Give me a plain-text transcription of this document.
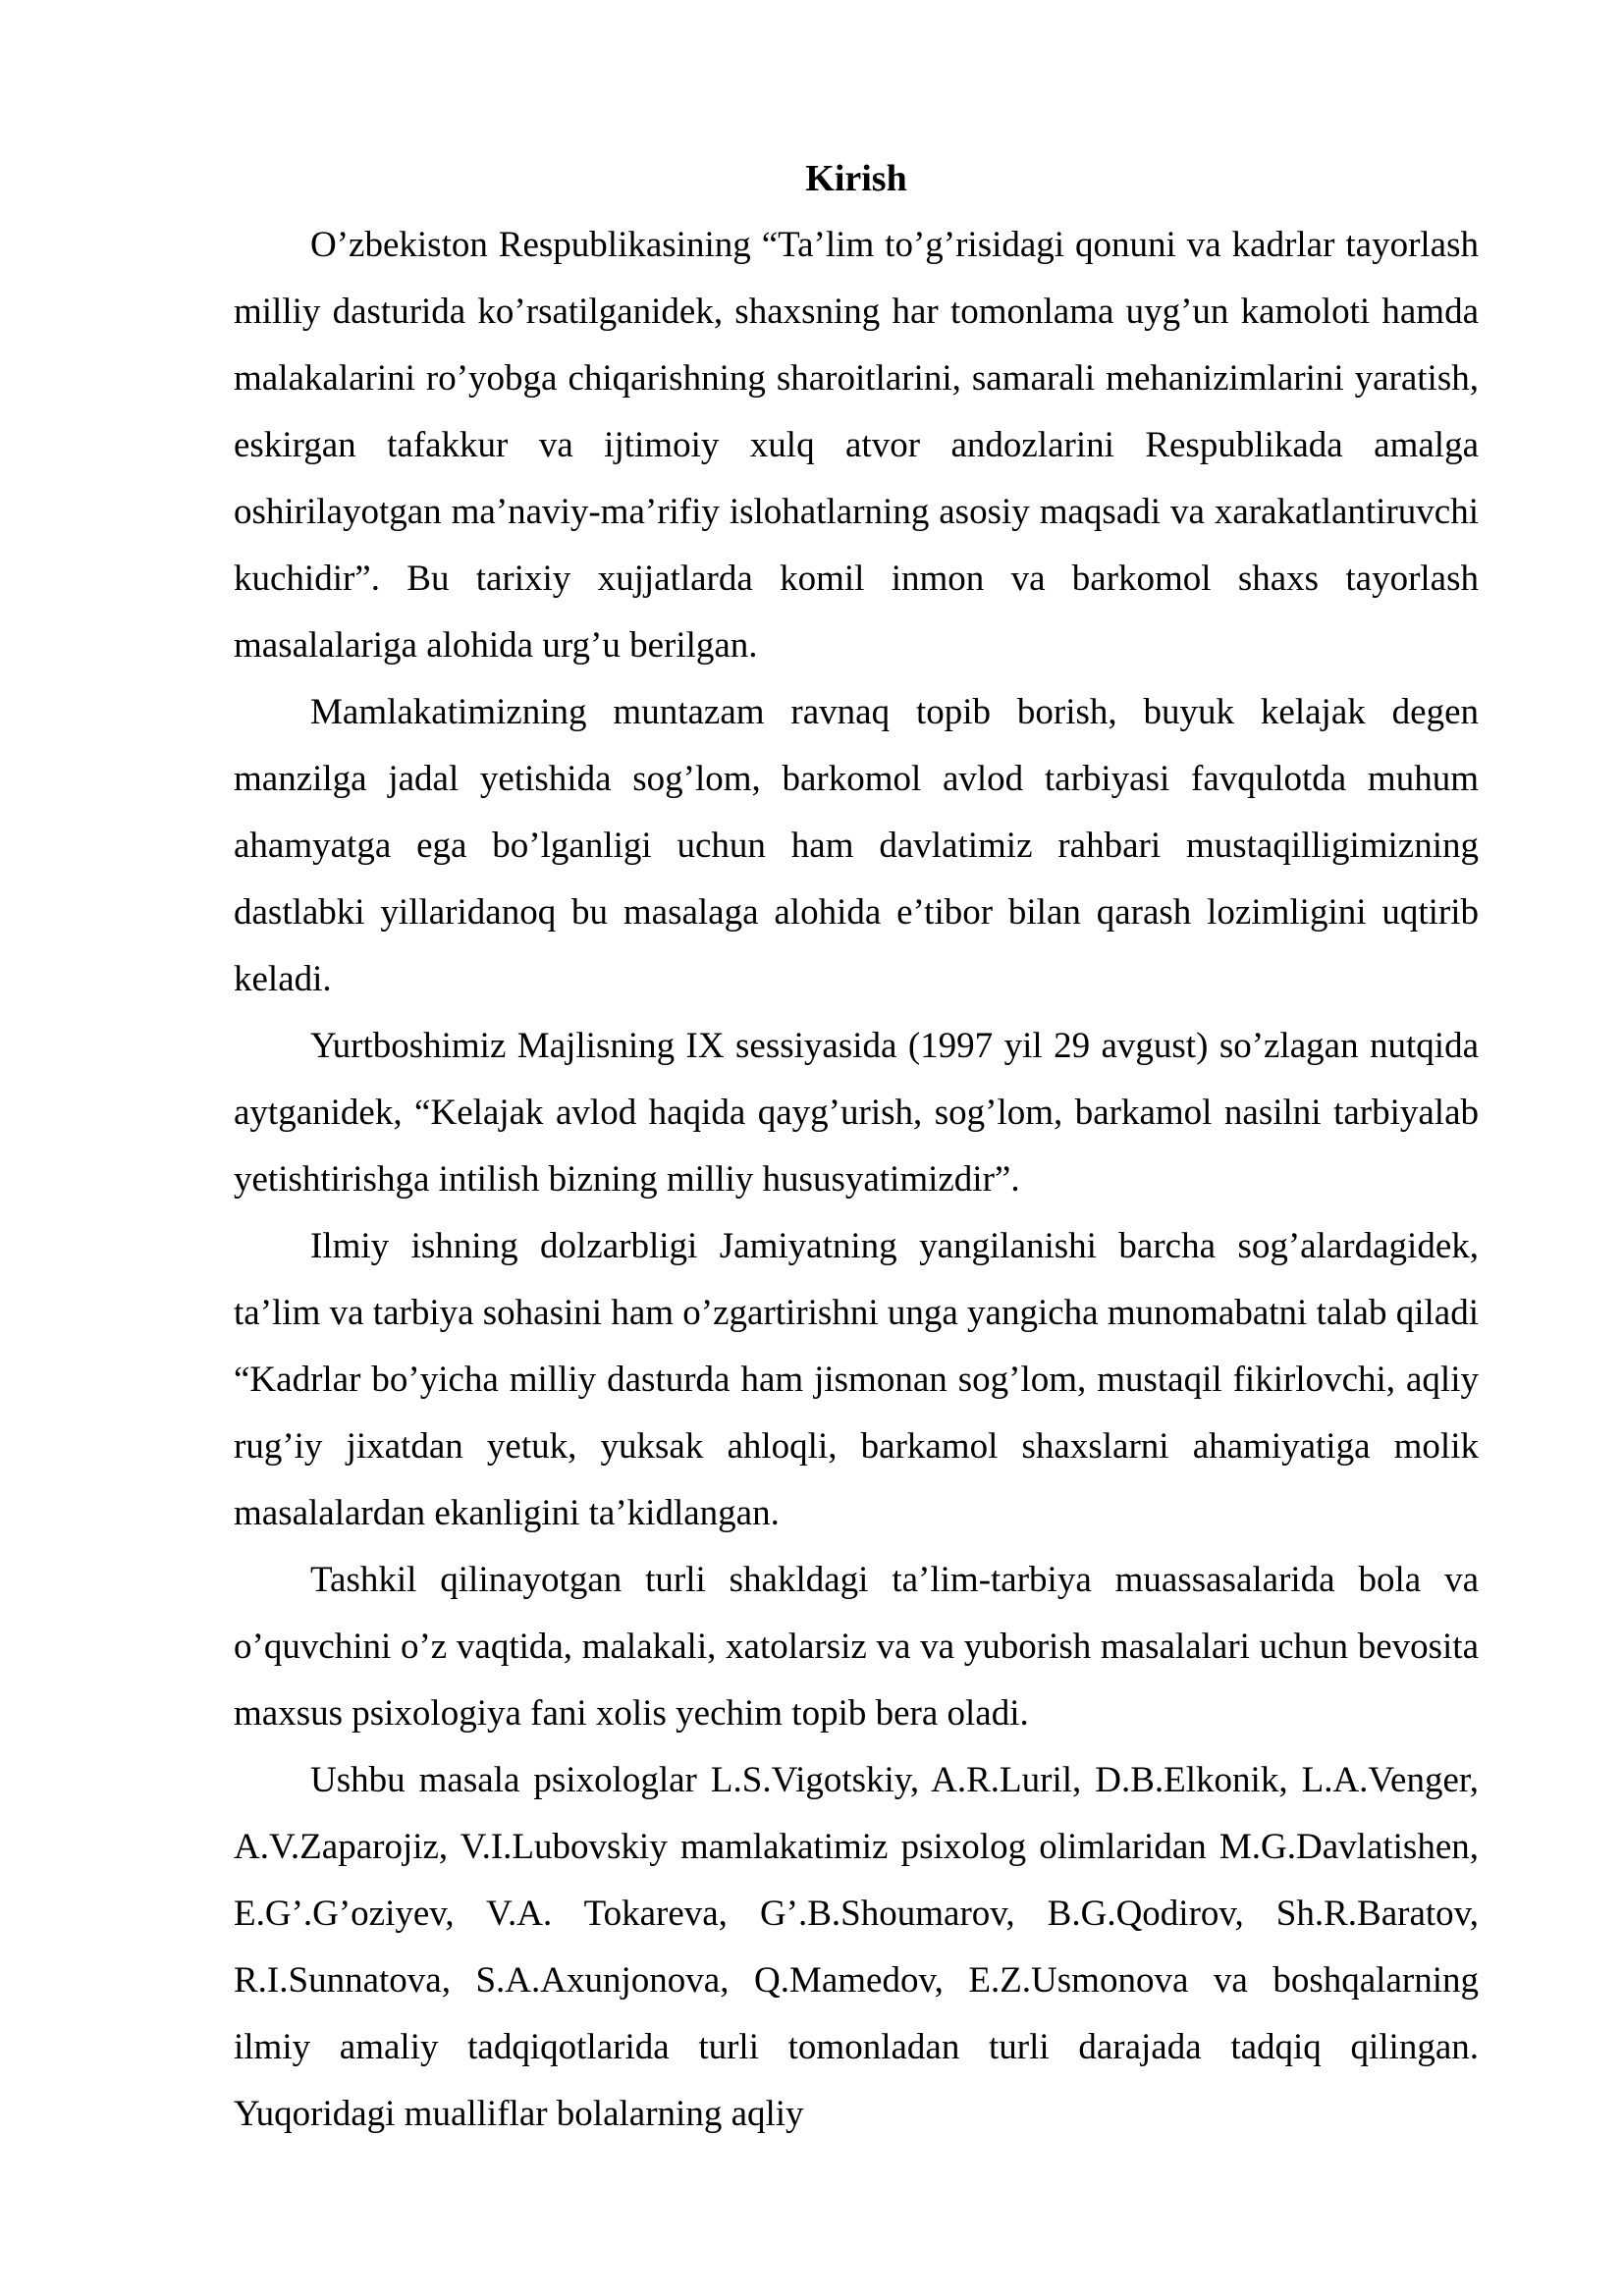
Kirish

O’zbekiston Respublikasining “Ta’lim to’g’risidagi qonuni va kadrlar tayorlash milliy dasturida ko’rsatilganidek, shaxsning har tomonlama uyg’un kamoloti hamda malakalarini ro’yobga chiqarishning sharoitlarini, samarali mehanizimlarini yaratish, eskirgan tafakkur va ijtimoiy xulq atvor andozlarini Respublikada amalga oshirilayotgan ma’naviy-ma’rifiy islohatlarning asosiy maqsadi va xarakatlantiruvchi kuchidir”. Bu tarixiy xujjatlarda komil inmon va barkomol shaxs tayorlash masalalariga alohida urg’u berilgan.

Mamlakatimizning muntazam ravnaq topib borish, buyuk kelajak degen manzilga jadal yetishida sog’lom, barkomol avlod tarbiyasi favqulotda muhum ahamyatga ega bo’lganligi uchun ham davlatimiz rahbari mustaqilligimizning dastlabki yillaridanoq bu masalaga alohida e’tibor bilan qarash lozimligini uqtirib keladi.

Yurtboshimiz Majlisning IX sessiyasida (1997 yil 29 avgust) so’zlagan nutqida aytganidek, “Kelajak avlod haqida qayg’urish, sog’lom, barkamol nasilni tarbiyalab yetishtirishga intilish bizning milliy hususyatimizdir”.

Ilmiy ishning dolzarbligi Jamiyatning yangilanishi barcha sog’alardagidek, ta’lim va tarbiya sohasini ham o’zgartirishni unga yangicha munomabatni talab qiladi “Kadrlar bo’yicha milliy dasturda ham jismonan sog’lom, mustaqil fikirlovchi, aqliy rug’iy jixatdan yetuk, yuksak ahloqli, barkamol shaxslarni ahamiyatiga molik masalalardan ekanligini ta’kidlangan.

Tashkil qilinayotgan turli shakldagi ta’lim-tarbiya muassasalarida bola va o’quvchini o’z vaqtida, malakali, xatolarsiz va va yuborish masalalari uchun bevosita maxsus psixologiya fani xolis yechim topib bera oladi.

Ushbu masala psixologlar L.S.Vigotskiy, A.R.Luril, D.B.Elkonik, L.A.Venger, A.V.Zaparojiz, V.I.Lubovskiy mamlakatimiz psixolog olimlaridan M.G.Davlatishen, E.G’.G’oziyev, V.A. Tokareva, G’.B.Shoumarov, B.G.Qodirov, Sh.R.Baratov, R.I.Sunnatova, S.A.Axunjonova, Q.Mamedov, E.Z.Usmonova va boshqalarning ilmiy amaliy tadqiqotlarida turli tomonladan turli darajada tadqiq qilingan. Yuqoridagi mualliflar bolalarning aqliy
